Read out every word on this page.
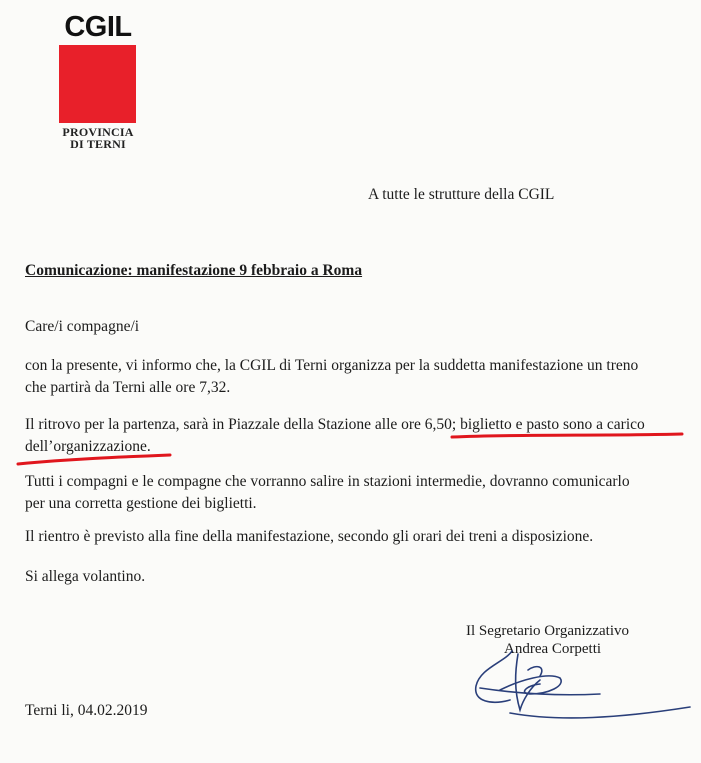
CGIL
PROVINCIA
DI TERNI
A tutte le strutture della CGIL
Comunicazione: manifestazione 9 febbraio a Roma
Care/i compagne/i
con la presente, vi informo che, la CGIL di Terni organizza per la suddetta manifestazione un treno
che partirà da Terni alle ore 7,32.
Il ritrovo per la partenza, sarà in Piazzale della Stazione alle ore 6,50; biglietto e pasto sono a carico
dell’organizzazione.
Tutti i compagni e le compagne che vorranno salire in stazioni intermedie, dovranno comunicarlo
per una corretta gestione dei biglietti.
Il rientro è previsto alla fine della manifestazione, secondo gli orari dei treni a disposizione.
Si allega volantino.
Il Segretario Organizzativo
Andrea Corpetti
Terni li, 04.02.2019
